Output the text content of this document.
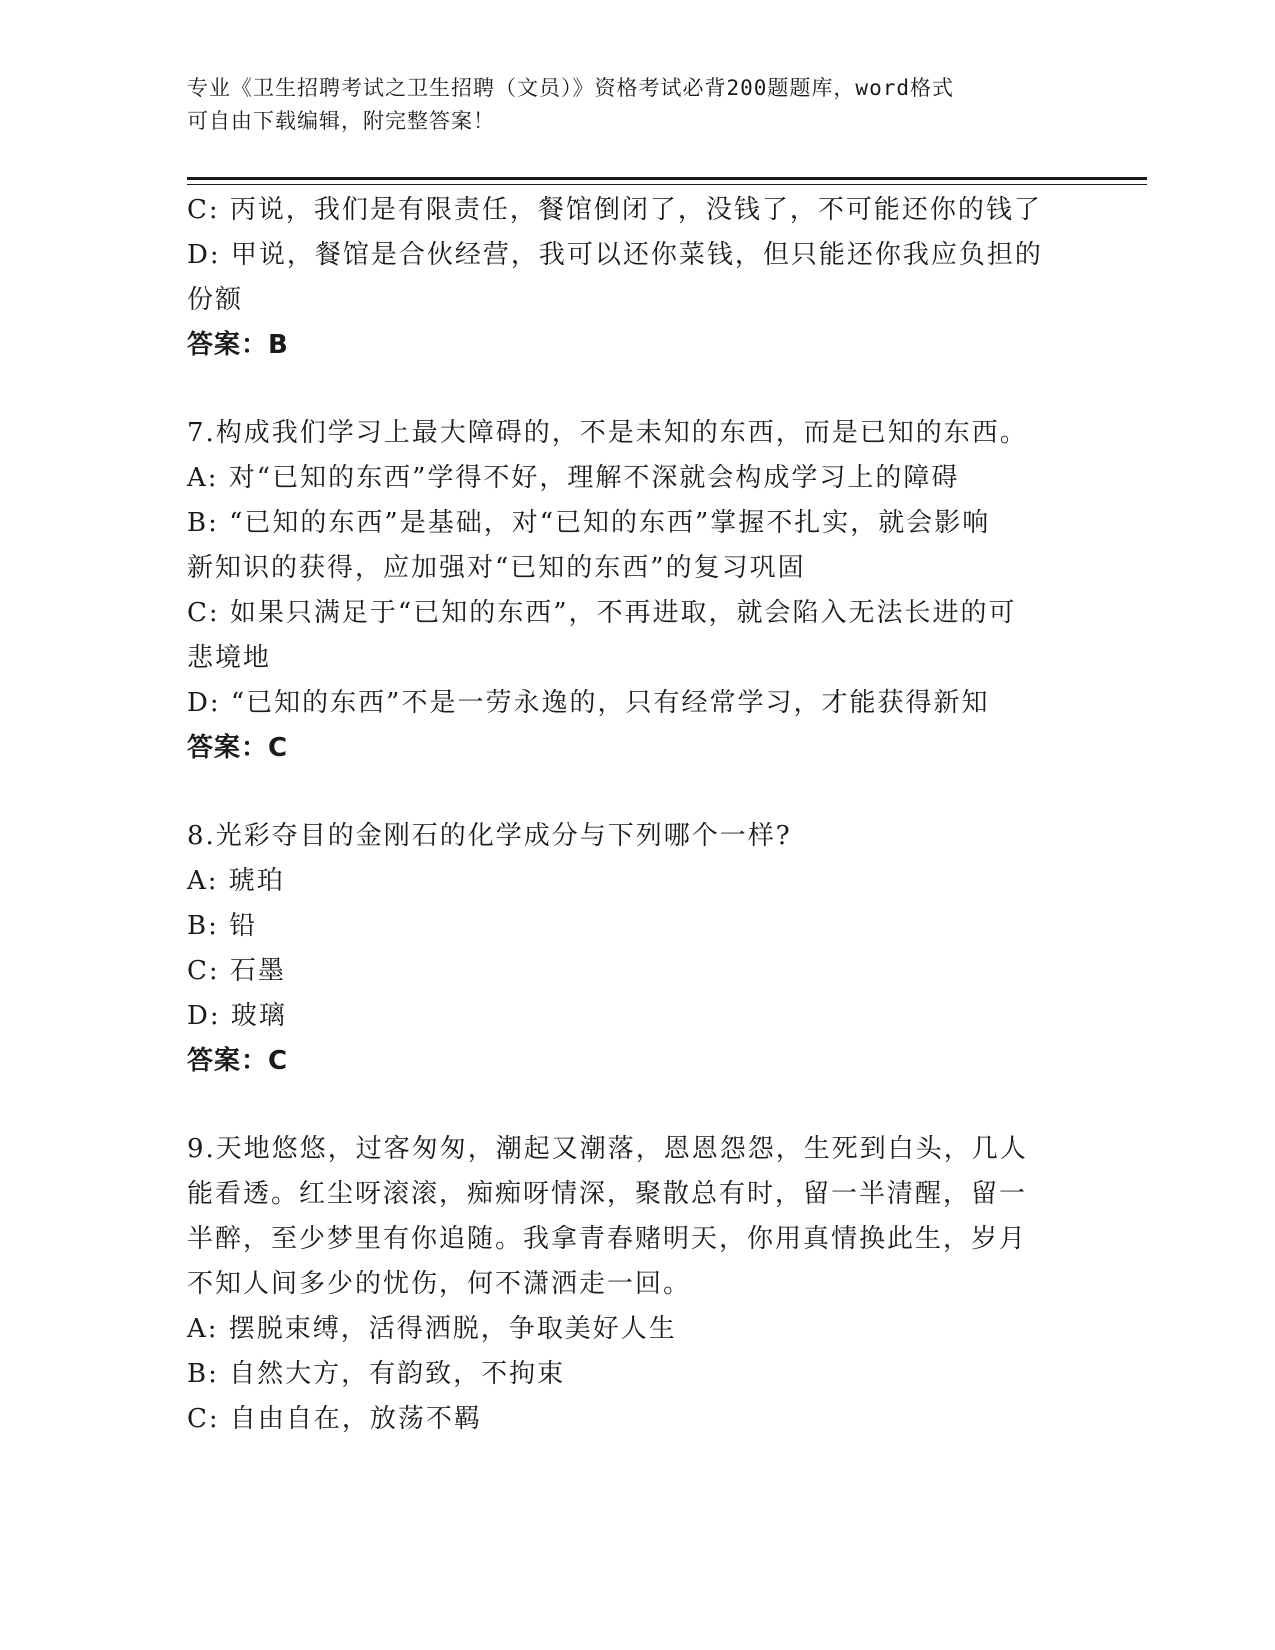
专业《卫生招聘考试之卫生招聘（文员）》资格考试必背200题题库，word格式
可自由下载编辑，附完整答案！
C: 丙说，我们是有限责任，餐馆倒闭了，没钱了，不可能还你的钱了
D: 甲说，餐馆是合伙经营，我可以还你菜钱，但只能还你我应负担的
份额
答案：B
7.构成我们学习上最大障碍的，不是未知的东西，而是已知的东西。
A: 对“已知的东西”学得不好，理解不深就会构成学习上的障碍
B: “已知的东西”是基础，对“已知的东西”掌握不扎实，就会影响
新知识的获得，应加强对“已知的东西”的复习巩固
C: 如果只满足于“已知的东西”，不再进取，就会陷入无法长进的可
悲境地
D: “已知的东西”不是一劳永逸的，只有经常学习，才能获得新知
答案：C
8.光彩夺目的金刚石的化学成分与下列哪个一样?
A: 琥珀
B: 铅
C: 石墨
D: 玻璃
答案：C
9.天地悠悠，过客匆匆，潮起又潮落，恩恩怨怨，生死到白头，几人
能看透。红尘呀滚滚，痴痴呀情深，聚散总有时，留一半清醒，留一
半醉，至少梦里有你追随。我拿青春赌明天，你用真情换此生，岁月
不知人间多少的忧伤，何不潇洒走一回。
A: 摆脱束缚，活得洒脱，争取美好人生
B: 自然大方，有韵致，不拘束
C: 自由自在，放荡不羁
